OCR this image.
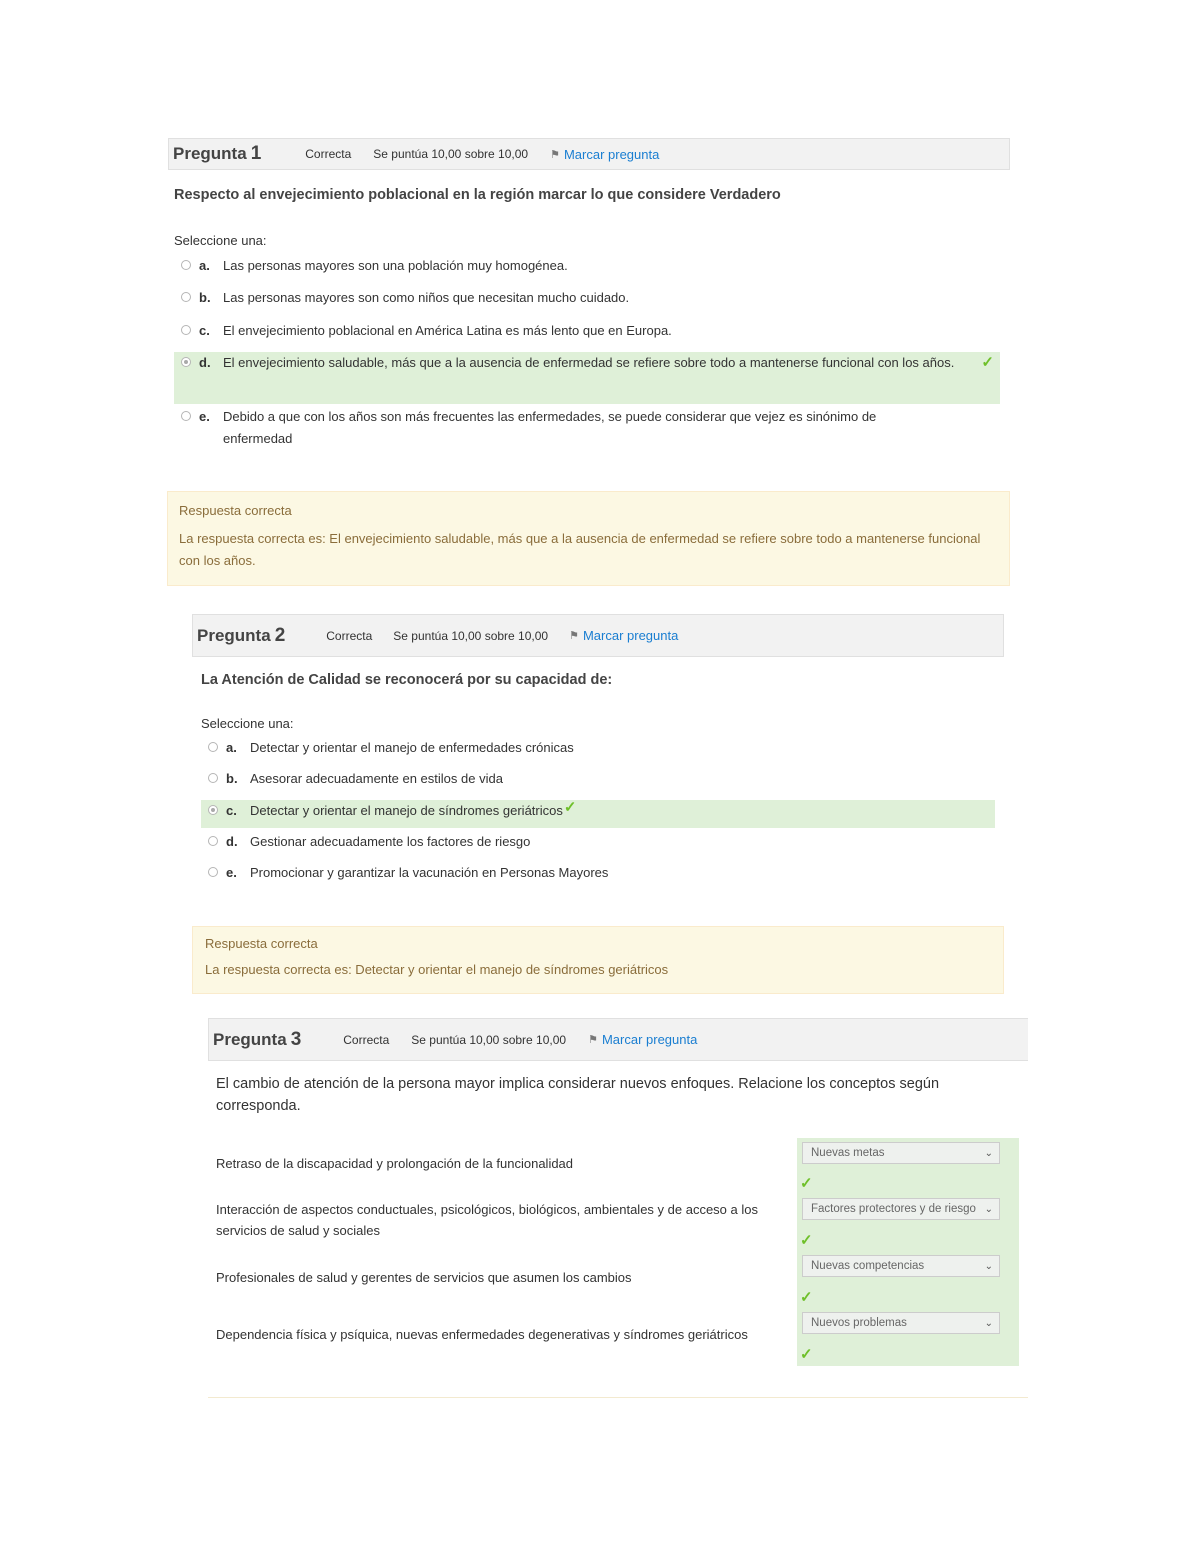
Pregunta 1	Correcta Se puntúa 10,00 sobre 10,00 ⚑ Marcar pregunta
Respecto al envejecimiento poblacional en la región marcar lo que considere Verdadero
Seleccione una:
a.	Las personas mayores son una población muy homogénea.
b. Las personas mayores son como niños que necesitan mucho cuidado.
c.	El envejecimiento poblacional en América Latina es más lento que en Europa.
d. El envejecimiento saludable, más que a la ausencia de enfermedad se refiere sobre todo a mantenerse funcional con los años.	✓
e.	Debido a que con los años son más frecuentes las enfermedades, se puede considerar que vejez es sinónimo de enfermedad
Respuesta correcta
La respuesta correcta es: El envejecimiento saludable, más que a la ausencia de enfermedad se refiere sobre todo a mantenerse funcional con los años.
Pregunta 2	Correcta Se puntúa 10,00 sobre 10,00 ⚑ Marcar pregunta
La Atención de Calidad se reconocerá por su capacidad de:
Seleccione una:
a.	Detectar y orientar el manejo de enfermedades crónicas
b. Asesorar adecuadamente en estilos de vida
c.	Detectar y orientar el manejo de síndromes geriátricos ✓
d. Gestionar adecuadamente los factores de riesgo
e.	Promocionar y garantizar la vacunación en Personas Mayores
Respuesta correcta
La respuesta correcta es: Detectar y orientar el manejo de síndromes geriátricos
Pregunta 3	Correcta Se puntúa 10,00 sobre 10,00 ⚑ Marcar pregunta
El cambio de atención de la persona mayor implica considerar nuevos enfoques. Relacione los conceptos según corresponda.
Retraso de la discapacidad y prolongación de la funcionalidad
Nuevas metas	⌄
✓
Interacción de aspectos conductuales, psicológicos, biológicos, ambientales y de acceso a los servicios de salud y sociales
Factores protectores y de riesgo ⌄
✓
Profesionales de salud y gerentes de servicios que asumen los cambios
Nuevas competencias	⌄
✓
Dependencia física y psíquica, nuevas enfermedades degenerativas y síndromes geriátricos
Nuevos problemas	⌄
✓
